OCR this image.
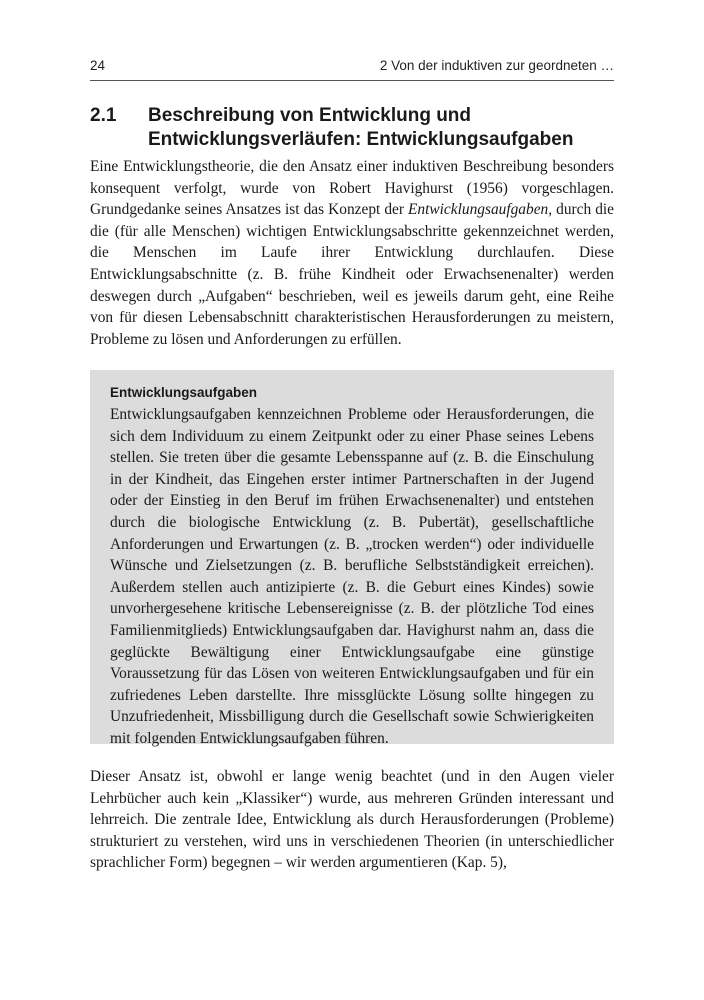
24	2 Von der induktiven zur geordneten …
2.1 Beschreibung von Entwicklung und Entwicklungsverläufen: Entwicklungsaufgaben

Eine Entwicklungstheorie, die den Ansatz einer induktiven Beschreibung besonders konsequent verfolgt, wurde von Robert Havighurst (1956) vorgeschlagen. Grundgedanke seines Ansatzes ist das Konzept der Entwicklungsaufgaben, durch die die (für alle Menschen) wichtigen Entwicklungsabschritte gekennzeichnet werden, die Menschen im Laufe ihrer Entwicklung durchlaufen. Diese Entwicklungsabschnitte (z. B. frühe Kindheit oder Erwachsenenalter) werden deswegen durch „Aufgaben“ beschrieben, weil es jeweils darum geht, eine Reihe von für diesen Lebensabschnitt charakteristischen Herausforderungen zu meistern, Probleme zu lösen und Anforderungen zu erfüllen.

Entwicklungsaufgaben
Entwicklungsaufgaben kennzeichnen Probleme oder Herausforderungen, die sich dem Individuum zu einem Zeitpunkt oder zu einer Phase seines Lebens stellen. Sie treten über die gesamte Lebensspanne auf (z. B. die Einschulung in der Kindheit, das Eingehen erster intimer Partnerschaften in der Jugend oder der Einstieg in den Beruf im frühen Erwachsenenalter) und entstehen durch die biologische Entwicklung (z. B. Pubertät), gesellschaftliche Anforderungen und Erwartungen (z. B. „trocken werden“) oder individuelle Wünsche und Zielsetzungen (z. B. berufliche Selbstständigkeit erreichen). Außerdem stellen auch antizipierte (z. B. die Geburt eines Kindes) sowie unvorhergesehene kritische Lebensereignisse (z. B. der plötzliche Tod eines Familienmitglieds) Entwicklungsaufgaben dar. Havighurst nahm an, dass die geglückte Bewältigung einer Entwicklungsaufgabe eine günstige Voraussetzung für das Lösen von weiteren Entwicklungsaufgaben und für ein zufriedenes Leben darstellte. Ihre missglückte Lösung sollte hingegen zu Unzufriedenheit, Missbilligung durch die Gesellschaft sowie Schwierigkeiten mit folgenden Entwicklungsaufgaben führen.

Dieser Ansatz ist, obwohl er lange wenig beachtet (und in den Augen vieler Lehrbücher auch kein „Klassiker“) wurde, aus mehreren Gründen interessant und lehrreich. Die zentrale Idee, Entwicklung als durch Herausforderungen (Probleme) strukturiert zu verstehen, wird uns in verschiedenen Theorien (in unterschiedlicher sprachlicher Form) begegnen – wir werden argumentieren (Kap. 5),
